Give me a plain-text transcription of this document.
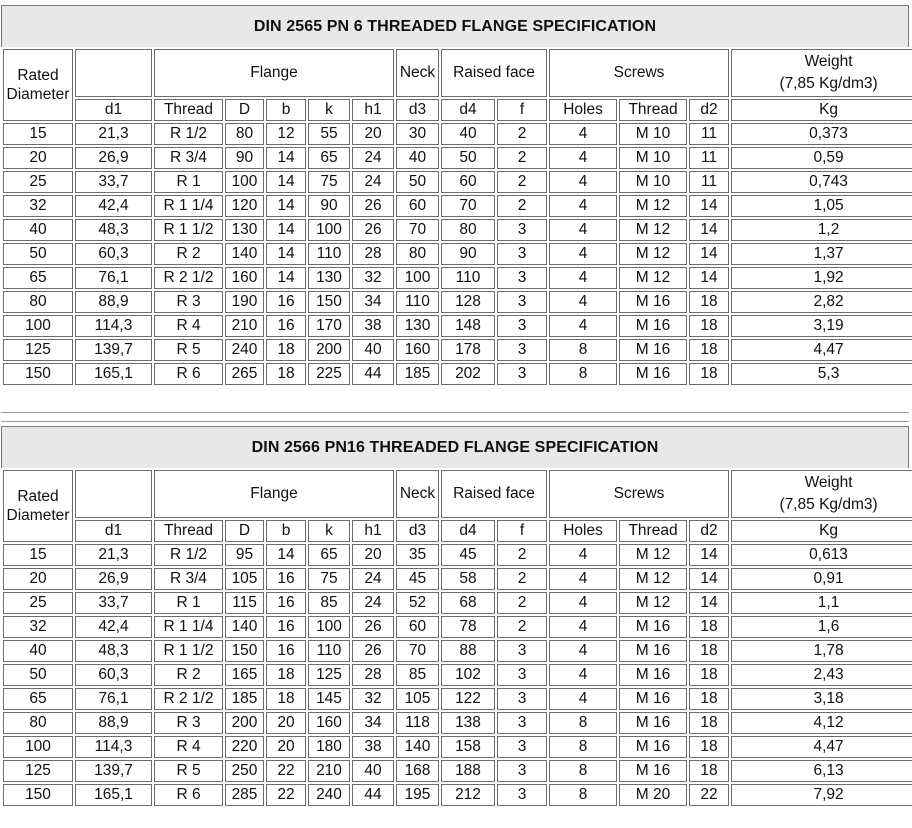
DIN 2565 PN 6 THREADED FLANGE SPECIFICATION
Rated Diameter		Flange					Neck	Raised face		Screws			Weight
(7,85 Kg/dm3)

	d1	Thread	D	b	k	h1	d3	d4	f	Holes	Thread	d2	Kg
15	21,3	R 1/2	80	12	55	20	30	40	2	4	M 10	11	0,373
20	26,9	R 3/4	90	14	65	24	40	50	2	4	M 10	11	0,59
25	33,7	R 1	100	14	75	24	50	60	2	4	M 10	11	0,743
32	42,4	R 1 1/4	120	14	90	26	60	70	2	4	M 12	14	1,05
40	48,3	R 1 1/2	130	14	100	26	70	80	3	4	M 12	14	1,2
50	60,3	R 2	140	14	110	28	80	90	3	4	M 12	14	1,37
65	76,1	R 2 1/2	160	14	130	32	100	110	3	4	M 12	14	1,92
80	88,9	R 3	190	16	150	34	110	128	3	4	M 16	18	2,82
100	114,3	R 4	210	16	170	38	130	148	3	4	M 16	18	3,19
125	139,7	R 5	240	18	200	40	160	178	3	8	M 16	18	4,47
150	165,1	R 6	265	18	225	44	185	202	3	8	M 16	18	5,3
DIN 2566 PN16 THREADED FLANGE SPECIFICATION
Rated Diameter		Flange					Neck	Raised face		Screws			Weight
(7,85 Kg/dm3)

	d1	Thread	D	b	k	h1	d3	d4	f	Holes	Thread	d2	Kg
15	21,3	R 1/2	95	14	65	20	35	45	2	4	M 12	14	0,613
20	26,9	R 3/4	105	16	75	24	45	58	2	4	M 12	14	0,91
25	33,7	R 1	115	16	85	24	52	68	2	4	M 12	14	1,1
32	42,4	R 1 1/4	140	16	100	26	60	78	2	4	M 16	18	1,6
40	48,3	R 1 1/2	150	16	110	26	70	88	3	4	M 16	18	1,78
50	60,3	R 2	165	18	125	28	85	102	3	4	M 16	18	2,43
65	76,1	R 2 1/2	185	18	145	32	105	122	3	4	M 16	18	3,18
80	88,9	R 3	200	20	160	34	118	138	3	8	M 16	18	4,12
100	114,3	R 4	220	20	180	38	140	158	3	8	M 16	18	4,47
125	139,7	R 5	250	22	210	40	168	188	3	8	M 16	18	6,13
150	165,1	R 6	285	22	240	44	195	212	3	8	M 20	22	7,92
